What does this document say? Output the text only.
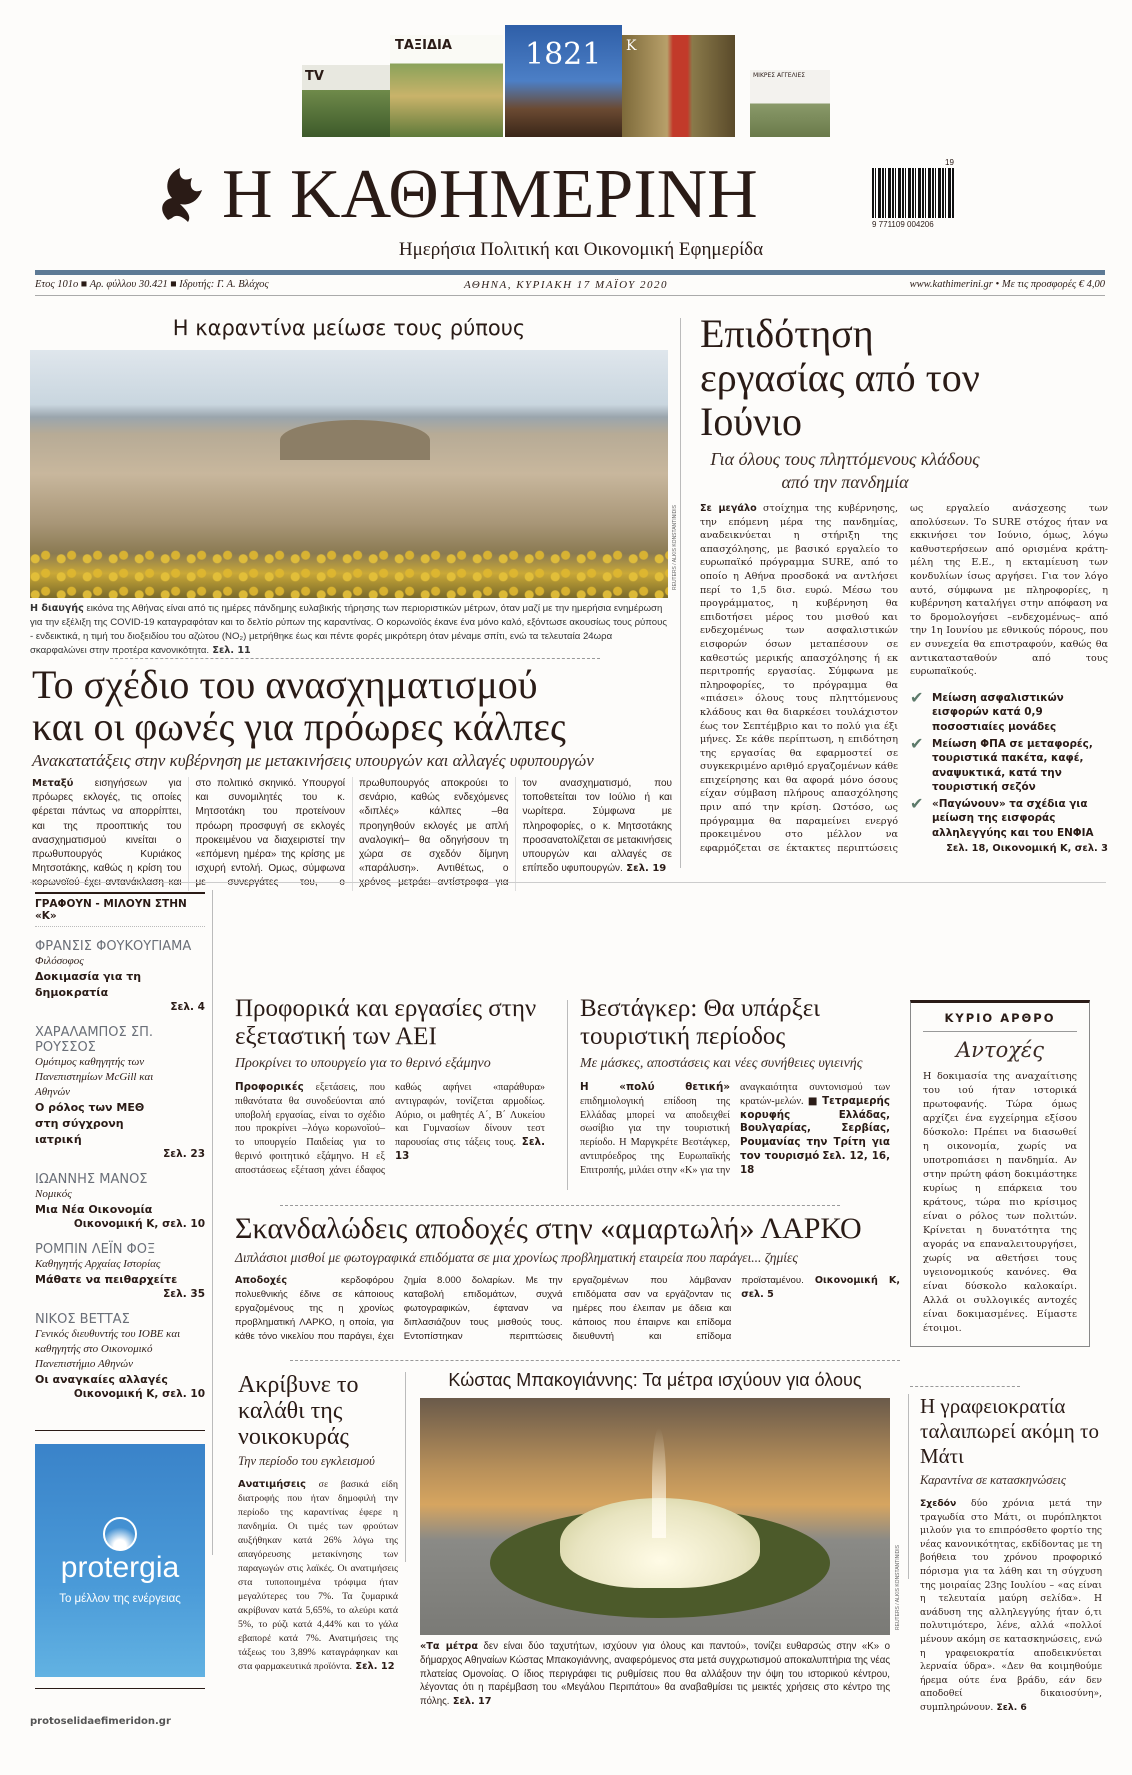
TV
ΤΑΞΙΔΙΑ 1821 K
ΜΙΚΡΕΣ ΑΓΓΕΛΙΕΣ
Η ΚΑΘΗΜΕΡΙΝΗ	19
9 771109 004206
Ημερήσια Πολιτική και Οικονομική Εφημερίδα
Ετος 101ο ■ Αρ. φύλλου 30.421 ■ Ιδρυτής: Γ. Α. Βλάχος	ΑΘΗΝΑ, ΚΥΡΙΑΚΗ 17 ΜΑΪΟΥ 2020	www.kathimerini.gr • Με τις προσφορές € 4,00
Η καραντίνα μείωσε τους ρύπους
REUTERS / ALKIS KONSTANTINIDIS

Η διαυγής εικόνα της Αθήνας είναι από τις ημέρες πάνδημης ευλαβικής τήρησης των περιοριστικών μέτρων, όταν μαζί με την ημερήσια ενημέρωση για την εξέλιξη της COVID-19 καταγραφόταν και το δελτίο ρύπων της καραντίνας. Ο κορωνοϊός έκανε ένα μόνο καλό, εξόντωσε ακουσίως τους ρύπους - ενδεικτικά, η τιμή του διοξειδίου του αζώτου (NO₂) μετρήθηκε έως και πέντε φορές μικρότερη όταν μέναμε σπίτι, ενώ τα τελευταία 24ωρα σκαρφαλώνει στην προτέρα κανονικότητα. Σελ. 11

Το σχέδιο του ανασχηματισμού
και οι φωνές για πρόωρες κάλπες
Ανακατατάξεις στην κυβέρνηση με μετακινήσεις υπουργών και αλλαγές υφυπουργών

Μεταξύ εισηγήσεων για πρόωρες εκλογές, τις οποίες φέρεται πάντως να απορρίπτει, και της προοπτικής του ανασχηματισμού κινείται ο πρωθυπουργός Κυριάκος Μητσοτάκης, καθώς η κρίση του κορωνοϊού έχει αντανάκλαση και στο πολιτικό σκηνικό. Υπουργοί και συνομιλητές του κ. Μητσοτάκη του προτείνουν πρόωρη προσφυγή σε εκλογές προκειμένου να διαχειριστεί την «επόμενη ημέρα» της κρίσης με ισχυρή εντολή. Ομως, σύμφωνα με συνεργάτες του, ο πρωθυπουργός αποκρούει το σενάριο, καθώς ενδεχόμενες «διπλές» κάλπες –θα προηγηθούν εκλογές με απλή αναλογική– θα οδηγήσουν τη χώρα σε σχεδόν δίμηνη «παράλυση». Αντιθέτως, ο χρόνος μετράει αντίστροφα για τον ανασχηματισμό, που τοποθετείται τον Ιούλιο ή και νωρίτερα. Σύμφωνα με πληροφορίες, ο κ. Μητσοτάκης προσανατολίζεται σε μετακινήσεις υπουργών και αλλαγές σε επίπεδο υφυπουργών. Σελ. 19

Επιδότηση εργασίας από τον Ιούνιο
Για όλους τους πληττόμενους κλάδους από την πανδημία

Σε μεγάλο στοίχημα της κυβέρνησης, την επόμενη μέρα της πανδημίας, αναδεικνύεται η στήριξη της απασχόλησης, με βασικό εργαλείο το ευρωπαϊκό πρόγραμμα SURE, από το οποίο η Αθήνα προσδοκά να αντλήσει περί το 1,5 δισ. ευρώ. Μέσω του προγράμματος, η κυβέρνηση θα επιδοτήσει μέρος του μισθού και ενδεχομένως των ασφαλιστικών εισφορών όσων μεταπέσουν σε καθεστώς μερικής απασχόλησης ή εκ περιτροπής εργασίας. Σύμφωνα με πληροφορίες, το πρόγραμμα θα «πιάσει» όλους τους πληττόμενους κλάδους και θα διαρκέσει τουλάχιστον έως τον Σεπτέμβριο και το πολύ για έξι μήνες. Σε κάθε περίπτωση, η επιδότηση της εργασίας θα εφαρμοστεί σε συγκεκριμένο αριθμό εργαζομένων κάθε επιχείρησης και θα αφορά μόνο όσους είχαν σύμβαση πλήρους απασχόλησης πριν από την κρίση. Ωστόσο, ως πρόγραμμα θα παραμείνει ενεργό προκειμένου στο μέλλον να εφαρμόζεται σε έκτακτες περιπτώσεις ως εργαλείο ανάσχεσης των απολύσεων. Το SURE στόχος ήταν να εκκινήσει τον Ιούνιο, όμως, λόγω καθυστερήσεων από ορισμένα κράτη-μέλη της Ε.Ε., η εκταμίευση των κονδυλίων ίσως αργήσει. Για τον λόγο αυτό, σύμφωνα με πληροφορίες, η κυβέρνηση καταλήγει στην απόφαση να το δρομολογήσει –ενδεχομένως– από την 1η Ιουνίου με εθνικούς πόρους, που εν συνεχεία θα επιστραφούν, καθώς θα αντικατασταθούν από τους ευρωπαϊκούς.

✔ Μείωση ασφαλιστικών εισφορών κατά 0,9 ποσοστιαίες μονάδες
✔ Μείωση ΦΠΑ σε μεταφορές, τουριστικά πακέτα, καφέ, αναψυκτικά, κατά την τουριστική σεζόν
✔ «Παγώνουν» τα σχέδια για μείωση της εισφοράς αλληλεγγύης και του ΕΝΦΙΑ
Σελ. 18, Οικονομική Κ, σελ. 3
ΓΡΑΦΟΥΝ - ΜΙΛΟΥΝ ΣΤΗΝ «Κ»
ΦΡΑΝΣΙΣ ΦΟΥΚΟΥΓΙΑΜΑ
Φιλόσοφος
Δοκιμασία για τη δημοκρατία
Σελ. 4
ΧΑΡΑΛΑΜΠΟΣ ΣΠ. ΡΟΥΣΣΟΣ
Ομότιμος καθηγητής των Πανεπιστημίων McGill και Αθηνών
Ο ρόλος των ΜΕΘ στη σύγχρονη ιατρική
Σελ. 23
ΙΩΑΝΝΗΣ ΜΑΝΟΣ
Νομικός
Μια Νέα Οικονομία
Οικονομική Κ, σελ. 10
ΡΟΜΠΙΝ ΛΕΪΝ ΦΟΞ
Καθηγητής Αρχαίας Ιστορίας
Μάθατε να πειθαρχείτε
Σελ. 35
ΝΙΚΟΣ ΒΕΤΤΑΣ
Γενικός διευθυντής του ΙΟΒΕ και καθηγητής στο Οικονομικό Πανεπιστήμιο Αθηνών
Οι αναγκαίες αλλαγές
Οικονομική Κ, σελ. 10
protergia
Το μέλλον της ενέργειας
protoselidaefimeridon.gr
Προφορικά και εργασίες στην εξεταστική των ΑΕΙ
Προκρίνει το υπουργείο για το θερινό εξάμηνο

Προφορικές εξετάσεις, που πιθανότατα θα συνοδεύονται από υποβολή εργασίας, είναι το σχέδιο που προκρίνει –λόγω κορωνοϊού– το υπουργείο Παιδείας για το θερινό φοιτητικό εξάμηνο. Η εξ αποστάσεως εξέταση χάνει έδαφος καθώς αφήνει «παράθυρα» αντιγραφών, τονίζεται αρμοδίως. Αύριο, οι μαθητές Α΄, Β΄ Λυκείου και Γυμνασίων δίνουν τεστ παρουσίας στις τάξεις τους. Σελ. 13

Βεστάγκερ: Θα υπάρξει τουριστική περίοδος
Με μάσκες, αποστάσεις και νέες συνήθειες υγιεινής

Η «πολύ θετική» επιδημιολογική επίδοση της Ελλάδας μπορεί να αποδειχθεί σωσίβιο για την τουριστική περίοδο. Η Μαργκρέτε Βεστάγκερ, αντιπρόεδρος της Ευρωπαϊκής Επιτροπής, μιλάει στην «Κ» για την αναγκαιότητα συντονισμού των κρατών-μελών. ■ Τετραμερής κορυφής Ελλάδας, Βουλγαρίας, Σερβίας, Ρουμανίας την Τρίτη για τον τουρισμό Σελ. 12, 16, 18

Σκανδαλώδεις αποδοχές στην «αμαρτωλή» ΛΑΡΚΟ
Διπλάσιοι μισθοί με φωτογραφικά επιδόματα σε μια χρονίως προβληματική εταιρεία που παράγει... ζημίες

Αποδοχές κερδοφόρου πολυεθνικής έδινε σε κάποιους εργαζομένους της η χρονίως προβληματική ΛΑΡΚΟ, η οποία, για κάθε τόνο νικελίου που παράγει, έχει ζημία 8.000 δολαρίων. Με την καταβολή επιδομάτων, συχνά φωτογραφικών, έφταναν να διπλασιάζουν τους μισθούς τους. Εντοπίστηκαν περιπτώσεις εργαζομένων που λάμβαναν επιδόματα σαν να εργάζονταν τις ημέρες που έλειπαν με άδεια και κάποιος που έπαιρνε και επίδομα διευθυντή και επίδομα προϊσταμένου. Οικονομική Κ, σελ. 5

Ακρίβυνε το καλάθι της νοικοκυράς
Την περίοδο του εγκλεισμού

Ανατιμήσεις σε βασικά είδη διατροφής που ήταν δημοφιλή την περίοδο της καραντίνας έφερε η πανδημία. Οι τιμές των φρούτων αυξήθηκαν κατά 26% λόγω της απαγόρευσης μετακίνησης των παραγωγών στις λαϊκές. Οι ανατιμήσεις στα τυποποιημένα τρόφιμα ήταν μεγαλύτερες του 7%. Τα ζυμαρικά ακρίβυναν κατά 5,65%, το αλεύρι κατά 5%, το ρύζι κατά 4,44% και το γάλα εβαπορέ κατά 7%. Ανατιμήσεις της τάξεως του 3,89% καταγράφηκαν και στα φαρμακευτικά προϊόντα. Σελ. 12

Κώστας Μπακογιάννης: Τα μέτρα ισχύουν για όλους
REUTERS / ALKIS KONSTANTINIDIS

«Τα μέτρα δεν είναι δύο ταχυτήτων, ισχύουν για όλους και παντού», τονίζει ευθαρσώς στην «Κ» ο δήμαρχος Αθηναίων Κώστας Μπακογιάννης, αναφερόμενος στα μετά συγχρωτισμού αποκαλυπτήρια της νέας πλατείας Ομονοίας. Ο ίδιος περιγράφει τις ρυθμίσεις που θα αλλάξουν την όψη του ιστορικού κέντρου, λέγοντας ότι η παρέμβαση του «Μεγάλου Περιπάτου» θα αναβαθμίσει τις μεικτές χρήσεις στο κέντρο της πόλης. Σελ. 17

ΚΥΡΙΟ ΑΡΘΡΟ
Αντοχές

Η δοκιμασία της αναχαίτισης του ιού ήταν ιστορικά πρωτοφανής. Τώρα όμως αρχίζει ένα εγχείρημα εξίσου δύσκολο: Πρέπει να διασωθεί η οικονομία, χωρίς να υποτροπιάσει η πανδημία. Αν στην πρώτη φάση δοκιμάστηκε κυρίως η επάρκεια του κράτους, τώρα πιο κρίσιμος είναι ο ρόλος των πολιτών. Κρίνεται η δυνατότητα της αγοράς να επαναλειτουργήσει, χωρίς να αθετήσει τους υγειονομικούς κανόνες. Θα είναι δύσκολο καλοκαίρι. Αλλά οι συλλογικές αντοχές είναι δοκιμασμένες. Είμαστε έτοιμοι.

Η γραφειοκρατία ταλαιπωρεί ακόμη το Μάτι
Καραντίνα σε κατασκηνώσεις

Σχεδόν δύο χρόνια μετά την τραγωδία στο Μάτι, οι πυρόπληκτοι μιλούν για το επιπρόσθετο φορτίο της νέας κανονικότητας, εκδίδοντας με τη βοήθεια του χρόνου προφορικό πόρισμα για τα λάθη και τη σύγχυση της μοιραίας 23ης Ιουλίου – «ας είναι η τελευταία μαύρη σελίδα». Η ανάδυση της αλληλεγγύης ήταν ό,τι πολυτιμότερο, λένε, αλλά «πολλοί μένουν ακόμη σε κατασκηνώσεις, ενώ η γραφειοκρατία αποδεικνύεται λερναία ύδρα». «Δεν θα κοιμηθούμε ήρεμα ούτε ένα βράδυ, εάν δεν αποδοθεί δικαιοσύνη», συμπληρώνουν. Σελ. 6
